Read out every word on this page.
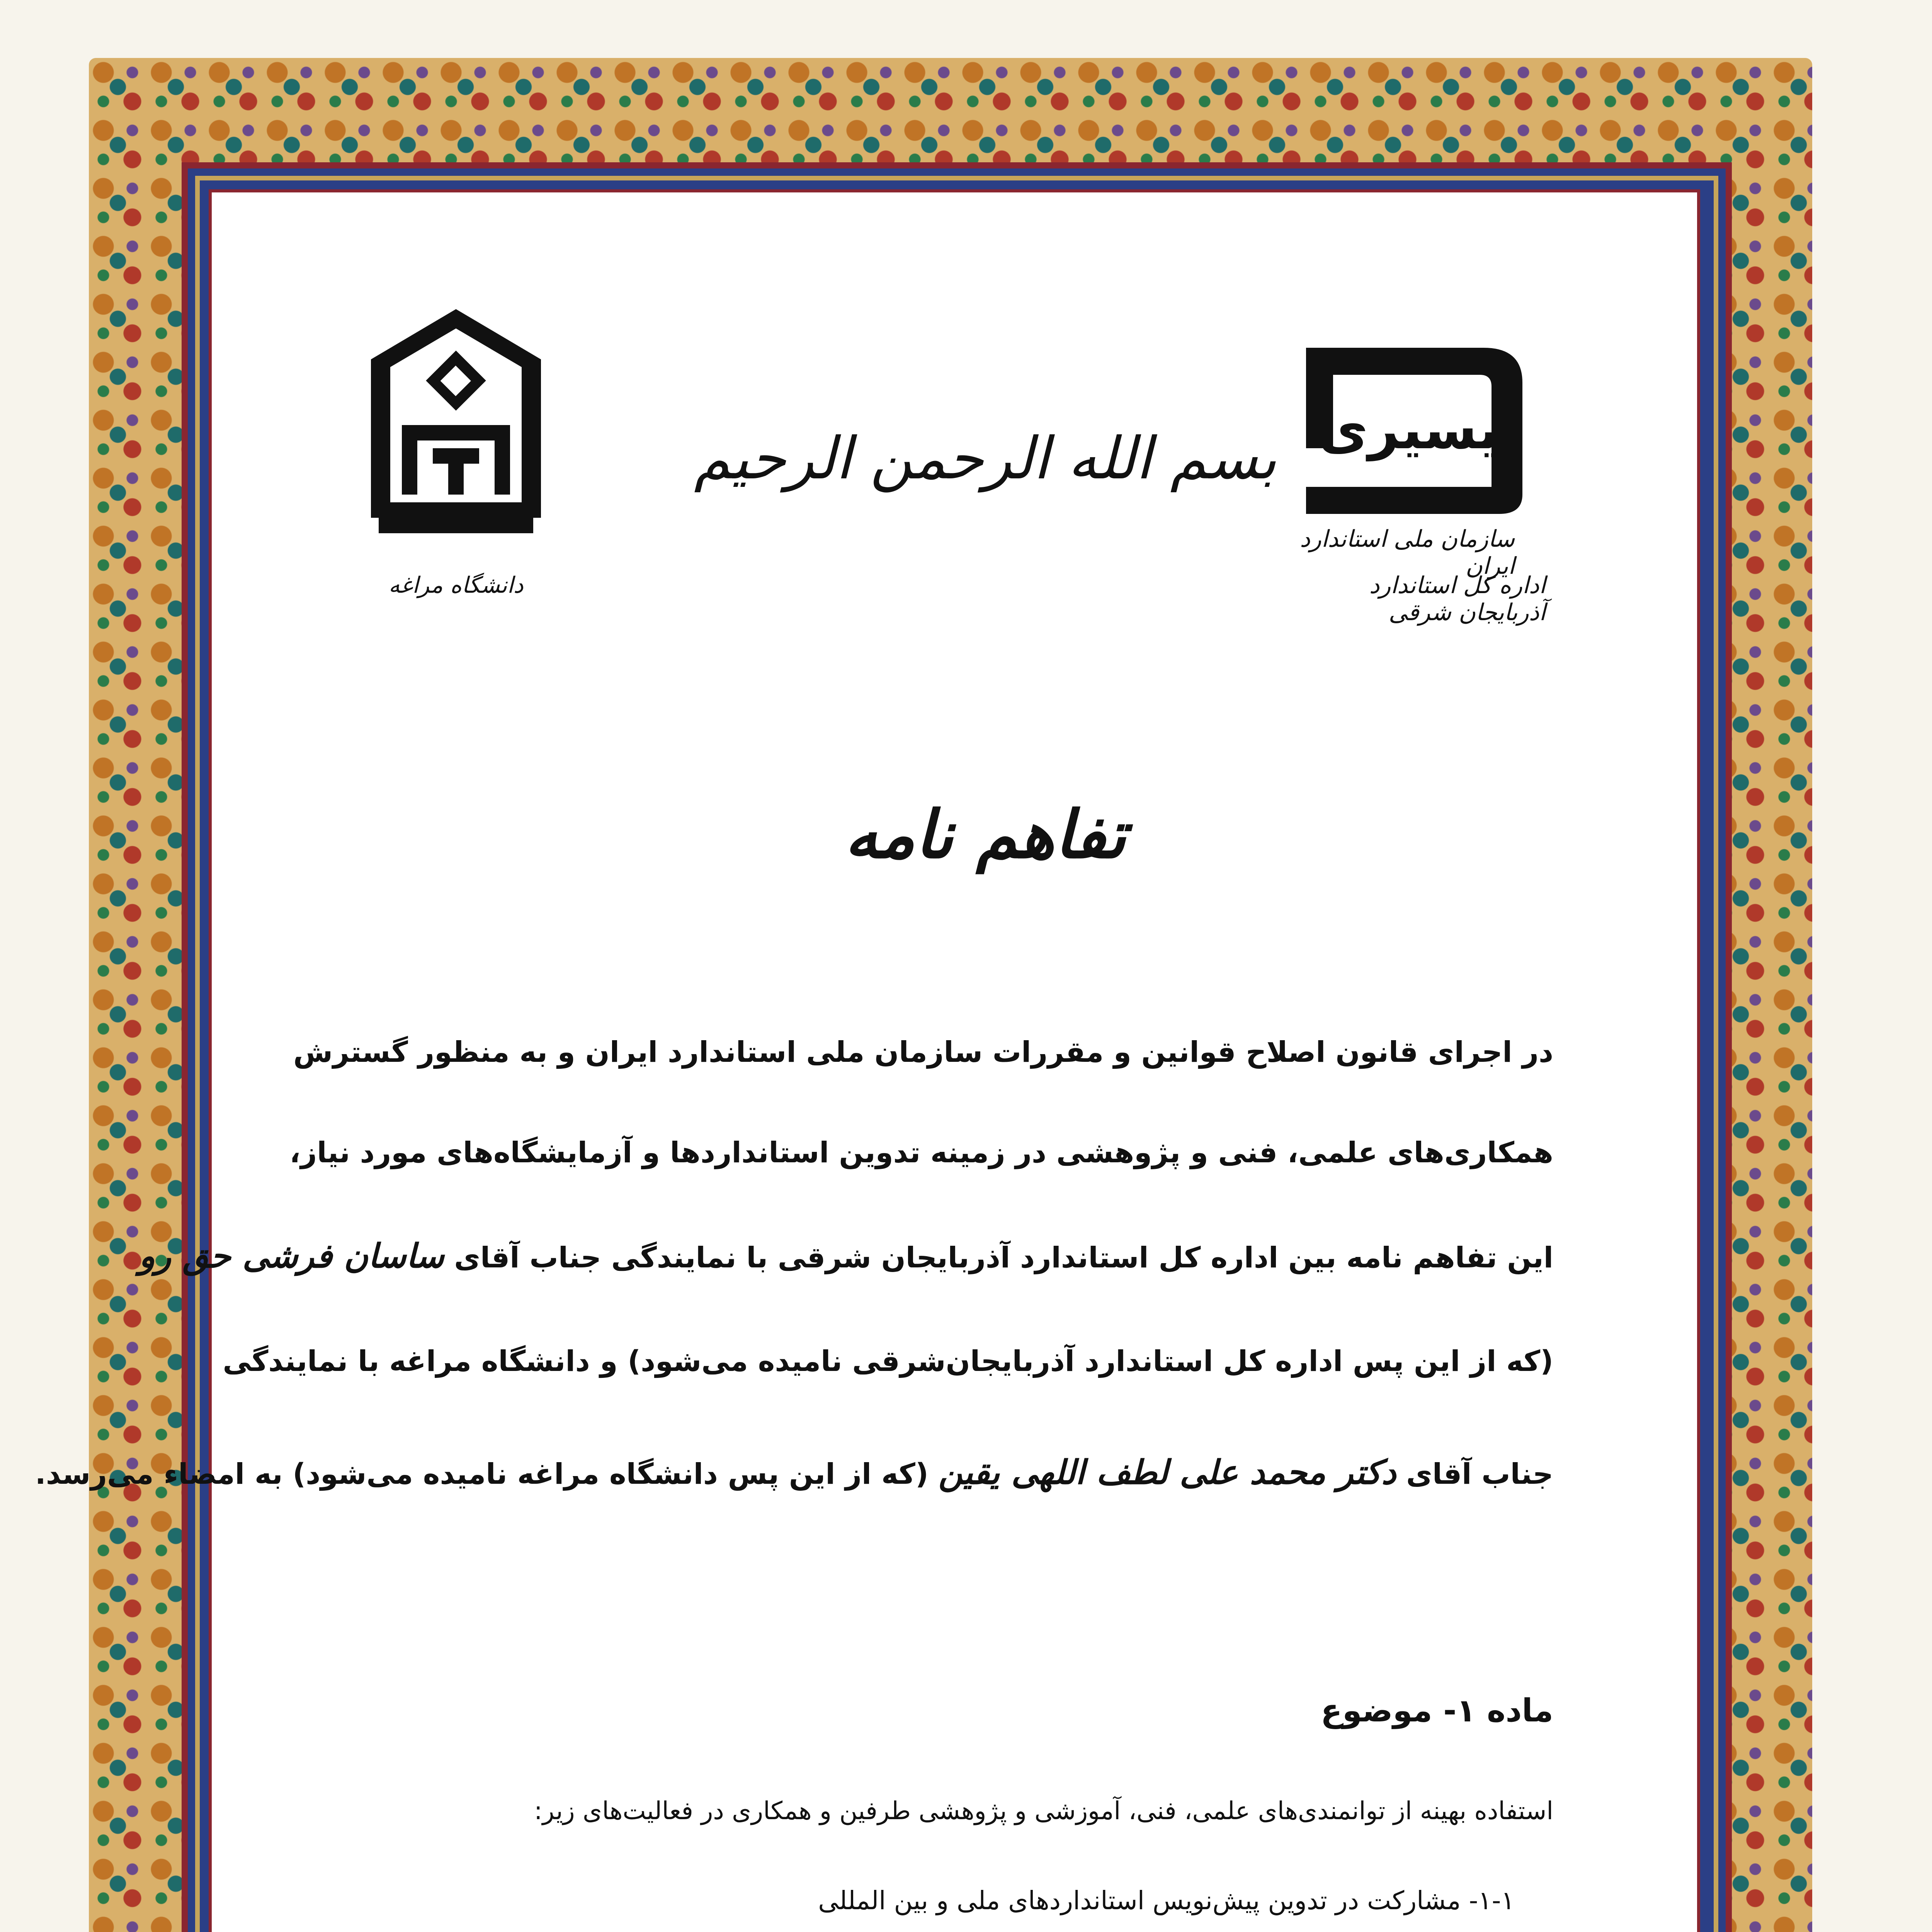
دانشگاه مراغه
ایسیری
سازمان ملی استاندارد ایران
اداره کل استاندارد آذربایجان شرقی
بسم الله الرحمن الرحیم
تفاهم نامه
در اجرای قانون اصلاح قوانین و مقررات سازمان ملی استاندارد ایران و به منظور گسترش
همکاری‌های علمی، فنی و پژوهشی در زمینه تدوین استانداردها و آزمایشگاه‌های مورد نیاز،
این تفاهم نامه بین اداره کل استاندارد آذربایجان شرقی با نمایندگی جناب آقای ساسان فرشی حق رو
(که از این پس اداره کل استاندارد آذربایجان‌شرقی نامیده می‌شود) و دانشگاه مراغه با نمایندگی
جناب آقای دکتر محمد علی لطف اللهی یقین (که از این پس دانشگاه مراغه نامیده می‌شود) به امضاء می‌رسد.
ماده ۱- موضوع
استفاده بهینه از توانمندی‌های علمی، فنی، آموزشی و پژوهشی طرفین و همکاری در فعالیت‌های زیر:
۱-۱- مشارکت در تدوین پیش‌نویس استانداردهای ملی و بین المللی
